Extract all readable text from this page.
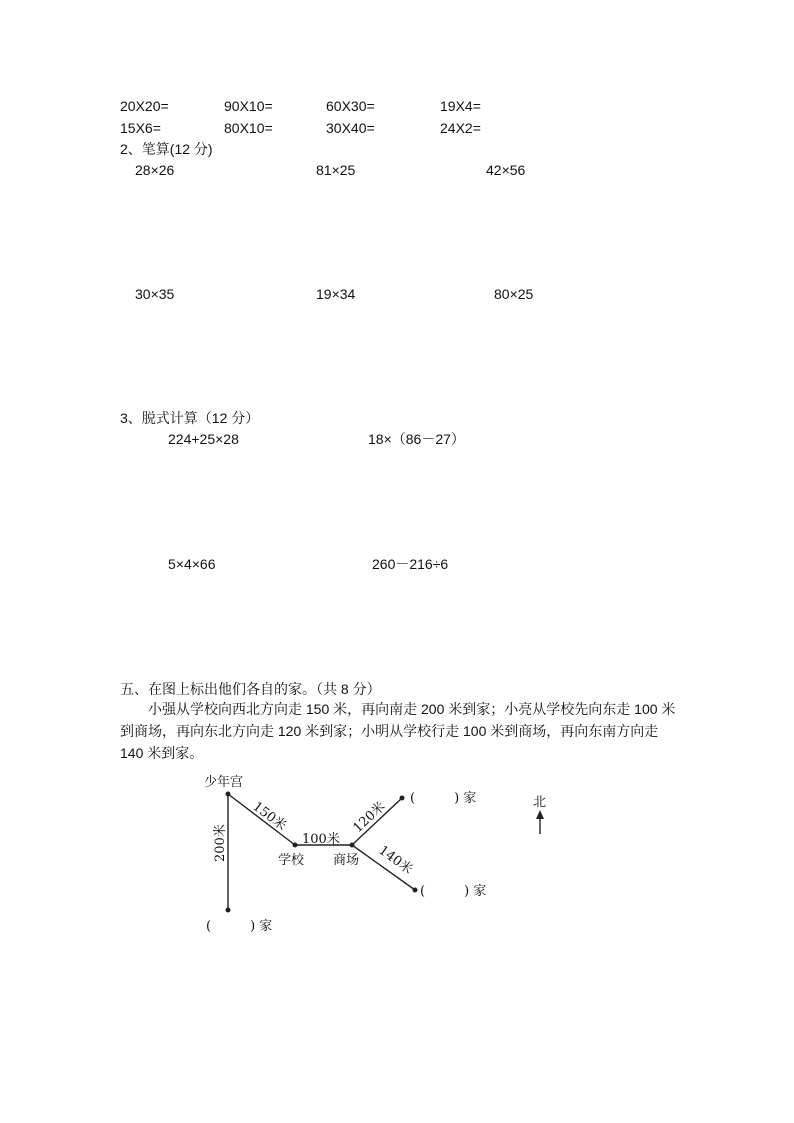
20X20=	90X10=	60X30=	19X4=
15X6=	80X10=	30X40=	24X2=
2、笔算(12 分)
28×26	81×25	42×56
30×35	19×34	80×25
3、脱式计算（12 分）
224+25×28	18×（86－27）
5×4×66	260－216÷6
五、在图上标出他们各自的家。（共 8 分）
小强从学校向西北方向走 150 米，再向南走 200 米到家；小亮从学校先向东走 100 米到商场，再向东北方向走 120 米到家；小明从学校行走 100 米到商场，再向东南方向走 140 米到家。
少年宫
学校 商场
北
100米
(　　　) 家
(　　　) 家
(　　　) 家
150米
200米
120米
140米
